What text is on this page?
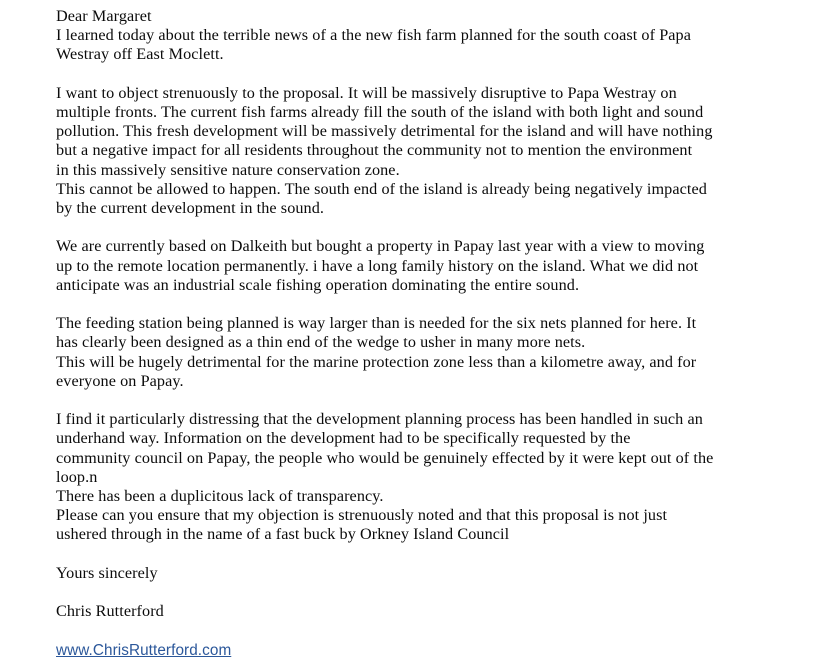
Dear Margaret

I learned today about the terrible news of a the new fish farm planned for the south coast of Papa
Westray off East Moclett.

I want to object strenuously to the proposal. It will be massively disruptive to Papa Westray on
multiple fronts. The current fish farms already fill the south of the island with both light and sound
pollution. This fresh development will be massively detrimental for the island and will have nothing
but a negative impact for all residents throughout the community not to mention the environment
in this massively sensitive nature conservation zone.
This cannot be allowed to happen. The south end of the island is already being negatively impacted
by the current development in the sound.

We are currently based on Dalkeith but bought a property in Papay last year with a view to moving
up to the remote location permanently. i have a long family history on the island. What we did not
anticipate was an industrial scale fishing operation dominating the entire sound.

The feeding station being planned is way larger than is needed for the six nets planned for here. It
has clearly been designed as a thin end of the wedge to usher in many more nets.
This will be hugely detrimental for the marine protection zone less than a kilometre away, and for
everyone on Papay.

I find it particularly distressing that the development planning process has been handled in such an
underhand way. Information on the development had to be specifically requested by the
community council on Papay, the people who would be genuinely effected by it were kept out of the
loop.n
There has been a duplicitous lack of transparency.
Please can you ensure that my objection is strenuously noted and that this proposal is not just
ushered through in the name of a fast buck by Orkney Island Council

Yours sincerely

Chris Rutterford

www.ChrisRutterford.com
